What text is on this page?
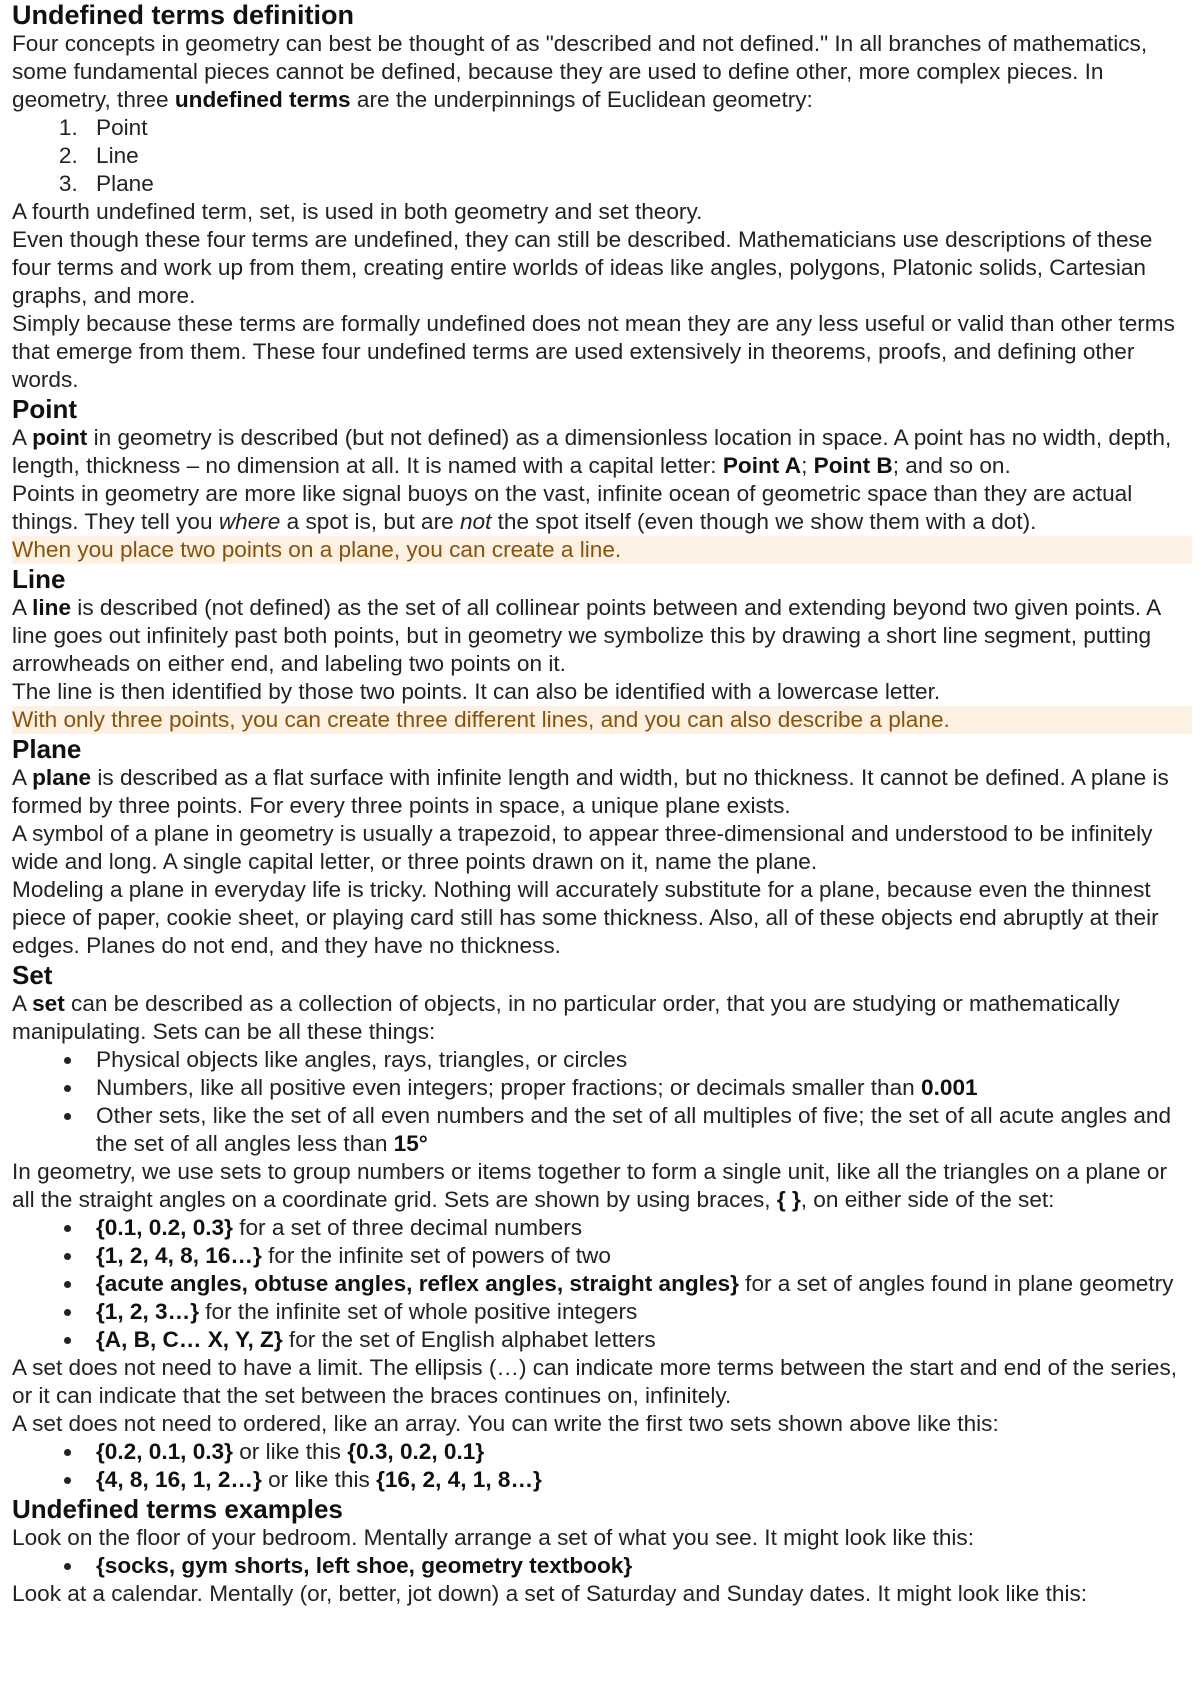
Undefined terms definition

Four concepts in geometry can best be thought of as "described and not defined." In all branches of mathematics, some fundamental pieces cannot be defined, because they are used to define other, more complex pieces. In geometry, three undefined terms are the underpinnings of Euclidean geometry:

1. Point
2. Line
3. Plane

A fourth undefined term, set, is used in both geometry and set theory.

Even though these four terms are undefined, they can still be described. Mathematicians use descriptions of these four terms and work up from them, creating entire worlds of ideas like angles, polygons, Platonic solids, Cartesian graphs, and more.

Simply because these terms are formally undefined does not mean they are any less useful or valid than other terms that emerge from them. These four undefined terms are used extensively in theorems, proofs, and defining other words.

Point

A point in geometry is described (but not defined) as a dimensionless location in space. A point has no width, depth, length, thickness – no dimension at all. It is named with a capital letter: Point A; Point B; and so on.

Points in geometry are more like signal buoys on the vast, infinite ocean of geometric space than they are actual things. They tell you where a spot is, but are not the spot itself (even though we show them with a dot).

When you place two points on a plane, you can create a line.

Line

A line is described (not defined) as the set of all collinear points between and extending beyond two given points. A line goes out infinitely past both points, but in geometry we symbolize this by drawing a short line segment, putting arrowheads on either end, and labeling two points on it.

The line is then identified by those two points. It can also be identified with a lowercase letter.

With only three points, you can create three different lines, and you can also describe a plane.

Plane

A plane is described as a flat surface with infinite length and width, but no thickness. It cannot be defined. A plane is formed by three points. For every three points in space, a unique plane exists.

A symbol of a plane in geometry is usually a trapezoid, to appear three-dimensional and understood to be infinitely wide and long. A single capital letter, or three points drawn on it, name the plane.

Modeling a plane in everyday life is tricky. Nothing will accurately substitute for a plane, because even the thinnest piece of paper, cookie sheet, or playing card still has some thickness. Also, all of these objects end abruptly at their edges. Planes do not end, and they have no thickness.

Set

A set can be described as a collection of objects, in no particular order, that you are studying or mathematically manipulating. Sets can be all these things:

• Physical objects like angles, rays, triangles, or circles
• Numbers, like all positive even integers; proper fractions; or decimals smaller than 0.001
• Other sets, like the set of all even numbers and the set of all multiples of five; the set of all acute angles and the set of all angles less than 15°

In geometry, we use sets to group numbers or items together to form a single unit, like all the triangles on a plane or all the straight angles on a coordinate grid. Sets are shown by using braces, { }, on either side of the set:

• {0.1, 0.2, 0.3} for a set of three decimal numbers
• {1, 2, 4, 8, 16…} for the infinite set of powers of two
• {acute angles, obtuse angles, reflex angles, straight angles} for a set of angles found in plane geometry
• {1, 2, 3…} for the infinite set of whole positive integers
• {A, B, C… X, Y, Z} for the set of English alphabet letters

A set does not need to have a limit. The ellipsis (…) can indicate more terms between the start and end of the series, or it can indicate that the set between the braces continues on, infinitely.

A set does not need to ordered, like an array. You can write the first two sets shown above like this:

• {0.2, 0.1, 0.3} or like this {0.3, 0.2, 0.1}
• {4, 8, 16, 1, 2…} or like this {16, 2, 4, 1, 8…}
Undefined terms examples

Look on the floor of your bedroom. Mentally arrange a set of what you see. It might look like this:

• {socks, gym shorts, left shoe, geometry textbook}

Look at a calendar. Mentally (or, better, jot down) a set of Saturday and Sunday dates. It might look like this:
